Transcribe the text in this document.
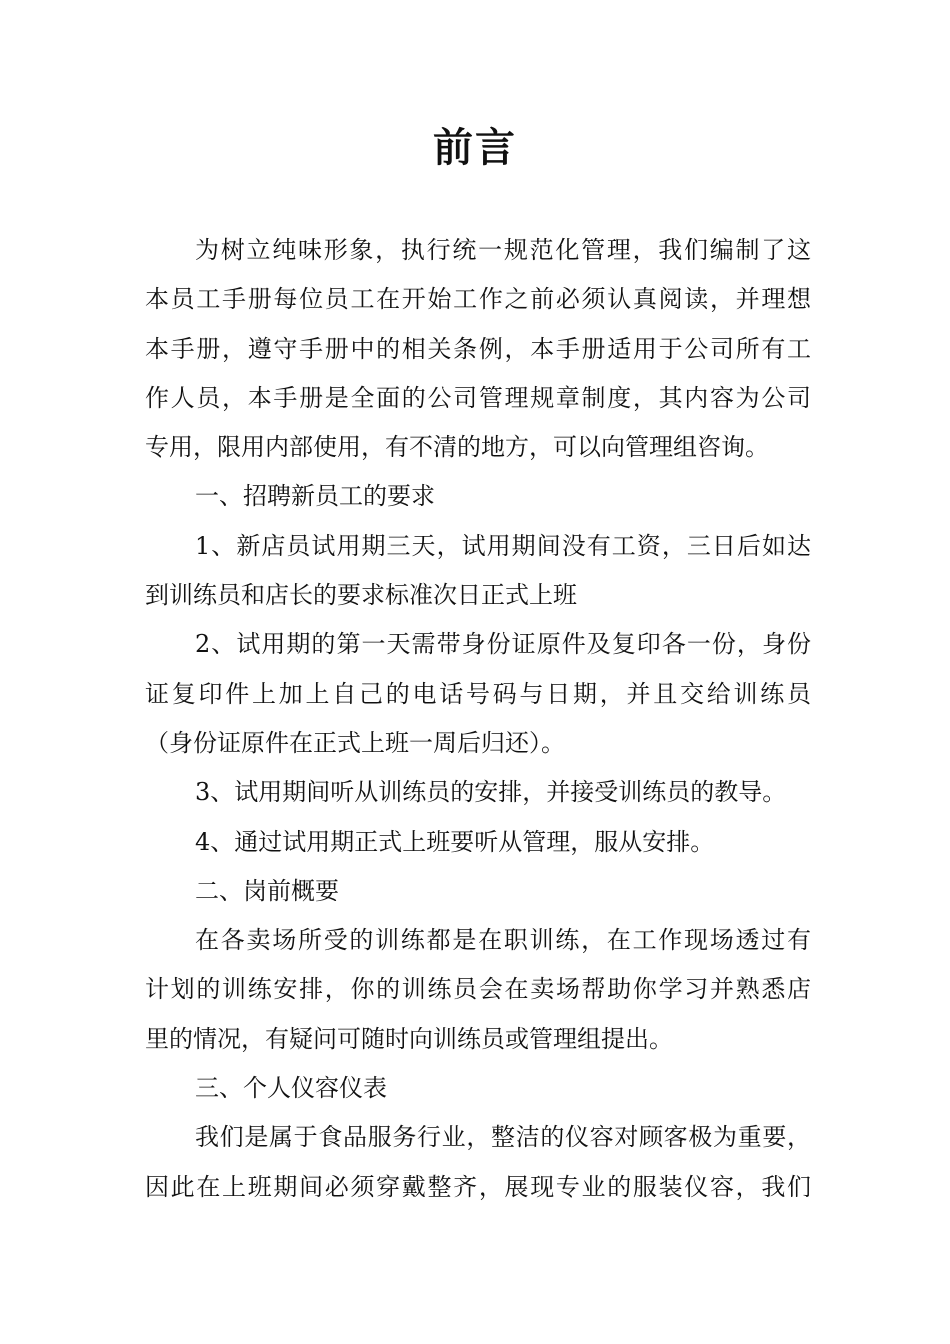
前言
为树立纯味形象，执行统一规范化管理，我们编制了这
本员工手册每位员工在开始工作之前必须认真阅读，并理想
本手册，遵守手册中的相关条例，本手册适用于公司所有工
作人员，本手册是全面的公司管理规章制度，其内容为公司
专用，限用内部使用，有不清的地方，可以向管理组咨询。
一、招聘新员工的要求
1、新店员试用期三天，试用期间没有工资，三日后如达
到训练员和店长的要求标准次日正式上班
2、试用期的第一天需带身份证原件及复印各一份，身份
证复印件上加上自己的电话号码与日期，并且交给训练员
（身份证原件在正式上班一周后归还）。
3、试用期间听从训练员的安排，并接受训练员的教导。
4、通过试用期正式上班要听从管理，服从安排。
二、岗前概要
在各卖场所受的训练都是在职训练，在工作现场透过有
计划的训练安排，你的训练员会在卖场帮助你学习并熟悉店
里的情况，有疑问可随时向训练员或管理组提出。
三、个人仪容仪表
我们是属于食品服务行业，整洁的仪容对顾客极为重要，
因此在上班期间必须穿戴整齐，展现专业的服装仪容，我们
